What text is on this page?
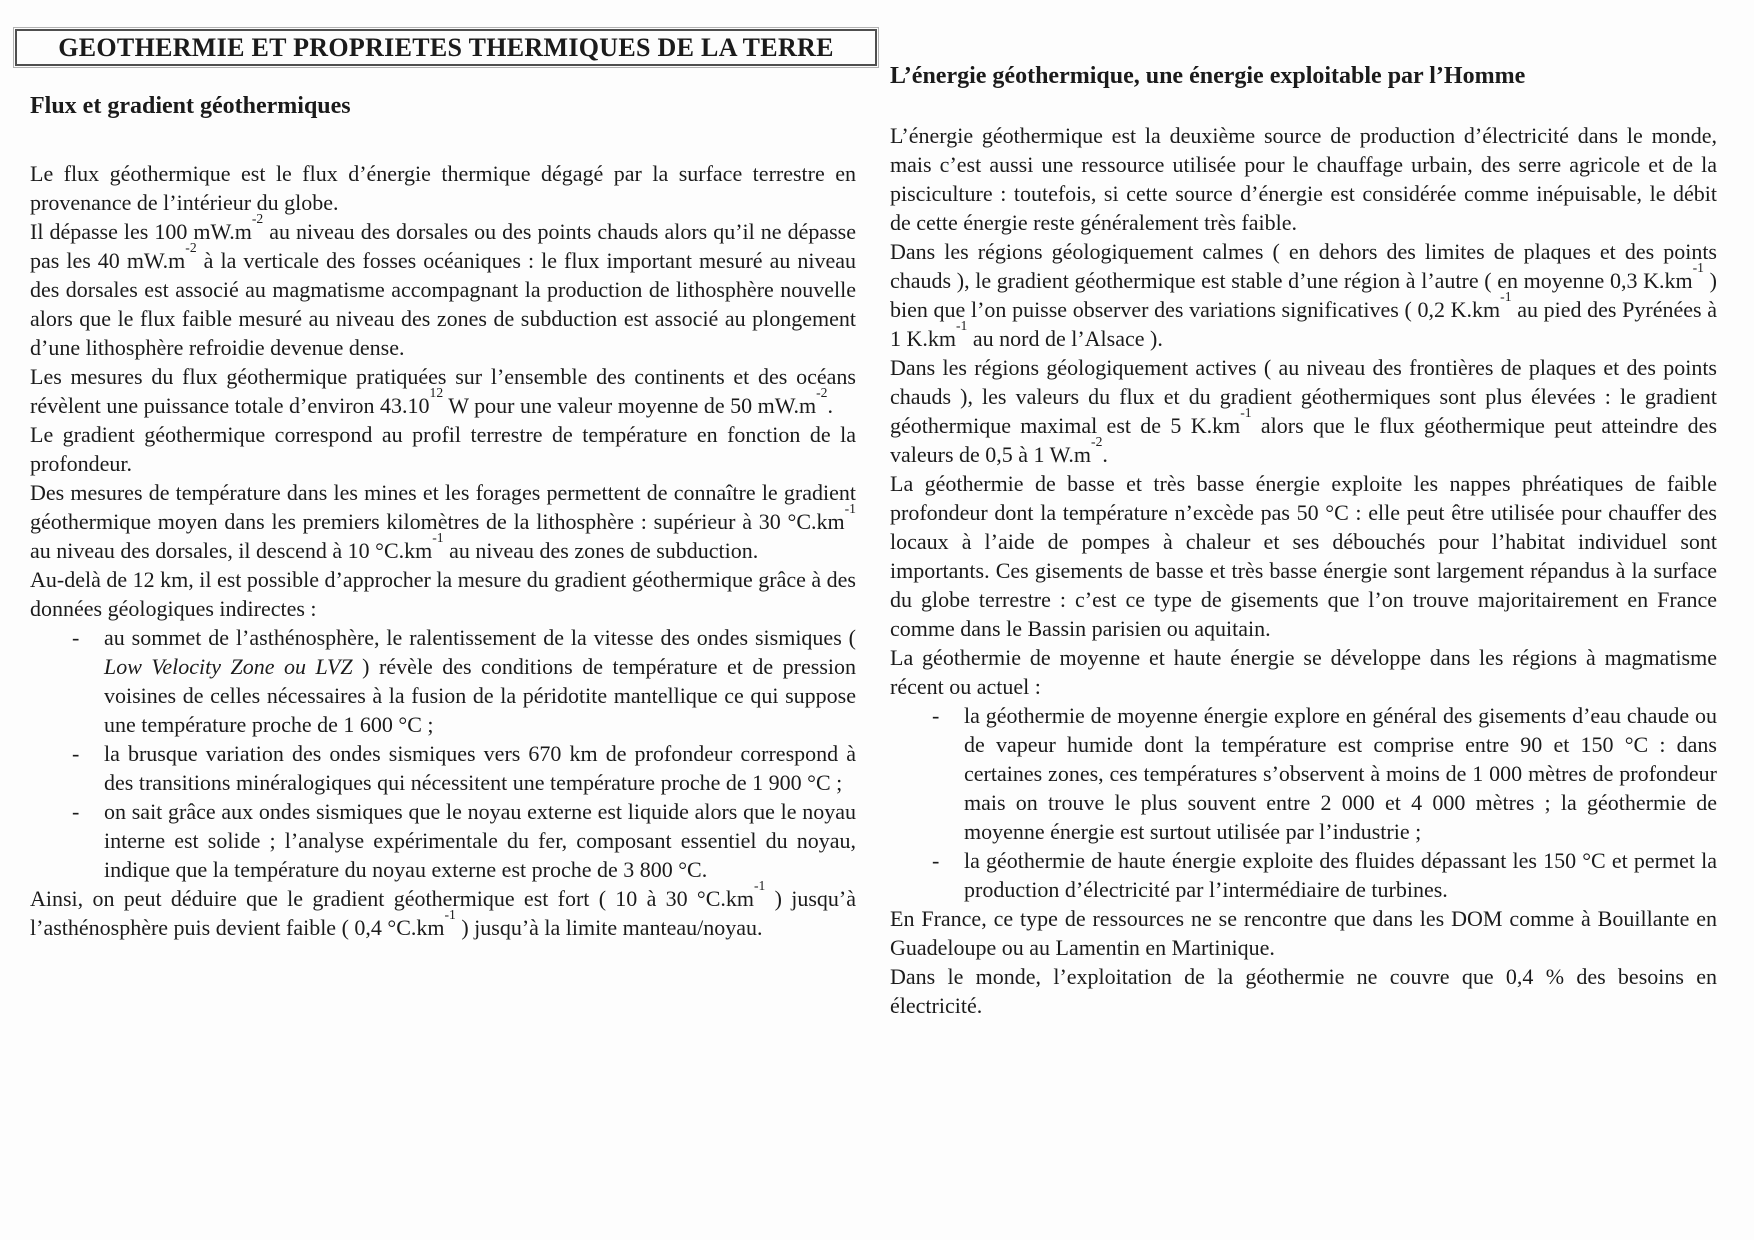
GEOTHERMIE ET PROPRIETES THERMIQUES DE LA TERRE
Flux et gradient géothermiques

Le flux géothermique est le flux d’énergie thermique dégagé par la surface terrestre en provenance de l’intérieur du globe.

Il dépasse les 100 $mW.m^{-2}$ au niveau des dorsales ou des points chauds alors qu’il ne dépasse pas les 40 $mW.m^{-2}$ à la verticale des fosses océaniques : le flux important mesuré au niveau des dorsales est associé au magmatisme accompagnant la production de lithosphère nouvelle alors que le flux faible mesuré au niveau des zones de subduction est associé au plongement d’une lithosphère refroidie devenue dense.

Les mesures du flux géothermique pratiquées sur l’ensemble des continents et des océans révèlent une puissance totale d’environ 43.10$^{12}$ W pour une valeur moyenne de 50 $mW.m^{-2}$.

Le gradient géothermique correspond au profil terrestre de température en fonction de la profondeur.

Des mesures de température dans les mines et les forages permettent de connaître le gradient géothermique moyen dans les premiers kilomètres de la lithosphère : supérieur à 30 $^\circ C.km^{-1}$ au niveau des dorsales, il descend à 10 $^\circ C.km^{-1}$ au niveau des zones de subduction.

Au-delà de 12 km, il est possible d’approcher la mesure du gradient géothermique grâce à des données géologiques indirectes :

- au sommet de l’asthénosphère, le ralentissement de la vitesse des ondes sismiques ( Low Velocity Zone ou LVZ ) révèle des conditions de température et de pression voisines de celles nécessaires à la fusion de la péridotite mantellique ce qui suppose une température proche de 1 600 °C ;
- la brusque variation des ondes sismiques vers 670 km de profondeur correspond à des transitions minéralogiques qui nécessitent une température proche de 1 900 °C ;
- on sait grâce aux ondes sismiques que le noyau externe est liquide alors que le noyau interne est solide ; l’analyse expérimentale du fer, composant essentiel du noyau, indique que la température du noyau externe est proche de 3 800 °C.

Ainsi, on peut déduire que le gradient géothermique est fort ( 10 à 30 $^\circ C.km^{-1}$ ) jusqu’à l’asthénosphère puis devient faible ( 0,4 $^\circ C.km^{-1}$ ) jusqu’à la limite manteau/noyau.

L’énergie géothermique, une énergie exploitable par l’Homme

L’énergie géothermique est la deuxième source de production d’électricité dans le monde, mais c’est aussi une ressource utilisée pour le chauffage urbain, des serre agricole et de la pisciculture : toutefois, si cette source d’énergie est considérée comme inépuisable, le débit de cette énergie reste généralement très faible.

Dans les régions géologiquement calmes ( en dehors des limites de plaques et des points chauds ), le gradient géothermique est stable d’une région à l’autre ( en moyenne 0,3 $K.km^{-1}$ ) bien que l’on puisse observer des variations significatives ( 0,2 $K.km^{-1}$ au pied des Pyrénées à 1 $K.km^{-1}$ au nord de l’Alsace ).

Dans les régions géologiquement actives ( au niveau des frontières de plaques et des points chauds ), les valeurs du flux et du gradient géothermiques sont plus élevées : le gradient géothermique maximal est de 5 $K.km^{-1}$ alors que le flux géothermique peut atteindre des valeurs de 0,5 à 1 $W.m^{-2}$.

La géothermie de basse et très basse énergie exploite les nappes phréatiques de faible profondeur dont la température n’excède pas 50 °C : elle peut être utilisée pour chauffer des locaux à l’aide de pompes à chaleur et ses débouchés pour l’habitat individuel sont importants. Ces gisements de basse et très basse énergie sont largement répandus à la surface du globe terrestre : c’est ce type de gisements que l’on trouve majoritairement en France comme dans le Bassin parisien ou aquitain.

La géothermie de moyenne et haute énergie se développe dans les régions à magmatisme récent ou actuel :

- la géothermie de moyenne énergie explore en général des gisements d’eau chaude ou de vapeur humide dont la température est comprise entre 90 et 150 °C : dans certaines zones, ces températures s’observent à moins de 1 000 mètres de profondeur mais on trouve le plus souvent entre 2 000 et 4 000 mètres ; la géothermie de moyenne énergie est surtout utilisée par l’industrie ;
- la géothermie de haute énergie exploite des fluides dépassant les 150 °C et permet la production d’électricité par l’intermédiaire de turbines.

En France, ce type de ressources ne se rencontre que dans les DOM comme à Bouillante en Guadeloupe ou au Lamentin en Martinique.

Dans le monde, l’exploitation de la géothermie ne couvre que 0,4 % des besoins en électricité.
